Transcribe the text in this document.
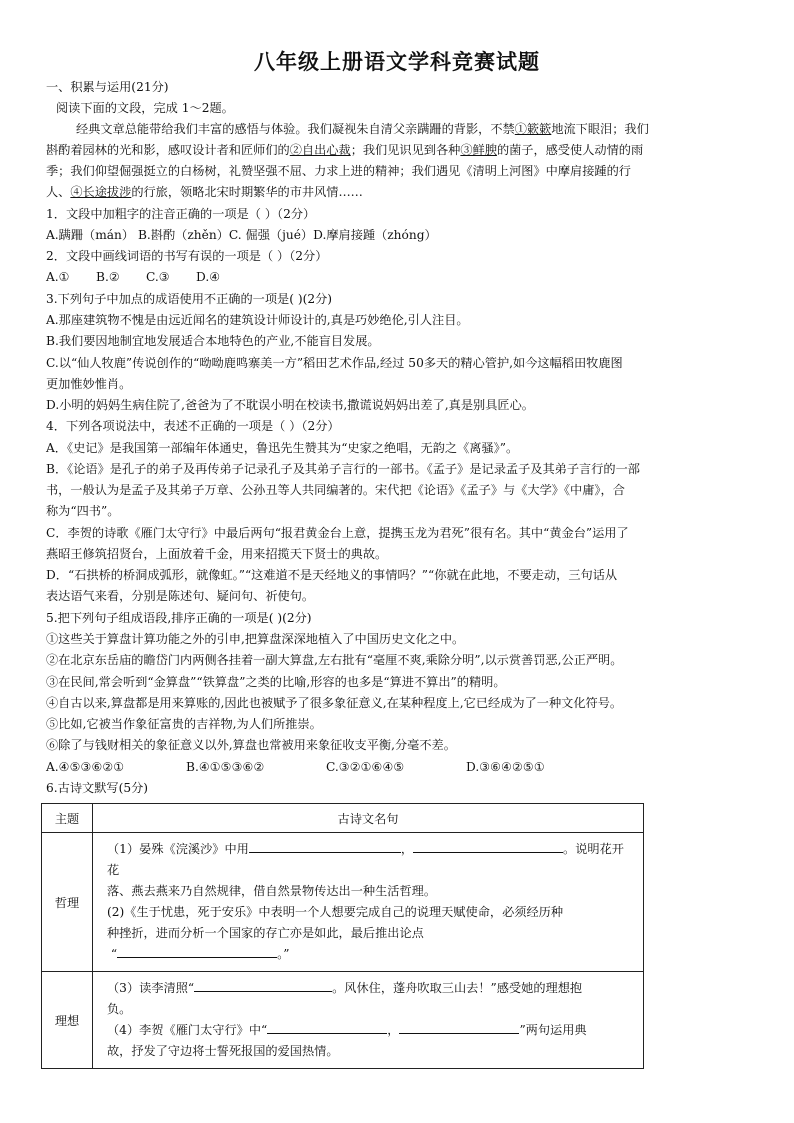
八年级上册语文学科竞赛试题
一、积累与运用(21分)
阅读下面的文段，完成 1～2题。
经典文章总能带给我们丰富的感悟与体验。我们凝视朱自清父亲蹒跚的背影，不禁①簌簌地流下眼泪；我们
斟酌着园林的光和影，感叹设计者和匠师们的②自出心裁；我们见识见到各种③鲜腴的菌子，感受使人动情的雨
季；我们仰望倔强挺立的白杨树，礼赞坚强不屈、力求上进的精神；我们遇见《清明上河图》中摩肩接踵的行
人、④长途拔涉的行旅，领略北宋时期繁华的市井风情……
1．文段中加粗字的注音正确的一项是（ ）（2分）
A.蹒跚（mán） B.斟酌（zhěn）C. 倔强（jué）D.摩肩接踵（zhóng）
2．文段中画线词语的书写有误的一项是（ ）（2分）
A.① B.② C.③ D.④
3.下列句子中加点的成语使用不正确的一项是( )(2分)
A.那座建筑物不愧是由远近闻名的建筑设计师设计的,真是巧妙绝伦,引人注目。
B.我们要因地制宜地发展适合本地特色的产业,不能盲目发展。
C.以“仙人牧鹿”传说创作的“呦呦鹿鸣寨美一方”稻田艺术作品,经过 50多天的精心管护,如今这幅稻田牧鹿图
更加惟妙惟肖。
D.小明的妈妈生病住院了,爸爸为了不耽误小明在校读书,撒谎说妈妈出差了,真是别具匠心。
4．下列各项说法中，表述不正确的一项是（ ）（2分）
A．《史记》是我国第一部编年体通史，鲁迅先生赞其为“史家之绝唱，无韵之《离骚》”。
B．《论语》是孔子的弟子及再传弟子记录孔子及其弟子言行的一部书。《孟子》是记录孟子及其弟子言行的一部
书，一般认为是孟子及其弟子万章、公孙丑等人共同编著的。宋代把《论语》《孟子》与《大学》《中庸》，合
称为“四书”。
C．李贺的诗歌《雁门太守行》中最后两句“报君黄金台上意，提携玉龙为君死”很有名。其中“黄金台”运用了
燕昭王修筑招贤台，上面放着千金，用来招揽天下贤士的典故。
D．“石拱桥的桥洞成弧形，就像虹。”“这难道不是天经地义的事情吗？”“你就在此地，不要走动，三句话从
表达语气来看，分别是陈述句、疑问句、祈使句。
5.把下列句子组成语段,排序正确的一项是( )(2分)
①这些关于算盘计算功能之外的引申,把算盘深深地植入了中国历史文化之中。
②在北京东岳庙的瞻岱门内两侧各挂着一副大算盘,左右批有“毫厘不爽,乘除分明”,以示赏善罚恶,公正严明。
③在民间,常会听到“金算盘”“铁算盘”之类的比喻,形容的也多是“算进不算出”的精明。
④自古以来,算盘都是用来算账的,因此也被赋予了很多象征意义,在某种程度上,它已经成为了一种文化符号。
⑤比如,它被当作象征富贵的吉祥物,为人们所推崇。
⑥除了与钱财相关的象征意义以外,算盘也常被用来象征收支平衡,分毫不差。
A.④⑤③⑥②①	B.④①⑤③⑥②	C.③②①⑥④⑤	D.③⑥④②⑤①
6.古诗文默写(5分)
主题	古诗文名句
哲理	（1）晏殊《浣溪沙》中用 ， 。说明花开花

落、燕去燕来乃自然规律，借自然景物传达出一种生活哲理。

(2)《生于忧患，死于安乐》中表明一个人想要完成自己的说理天赋使命，必须经历种

种挫折，进而分析一个国家的存亡亦是如此，最后推出论点

“ 。”

理想	（3）读李清照“ 。风休住，蓬舟吹取三山去！”感受她的理想抱

负。

（4）李贺《雁门太守行》中“ ， ”两句运用典

故，抒发了守边将士誓死报国的爱国热情。
